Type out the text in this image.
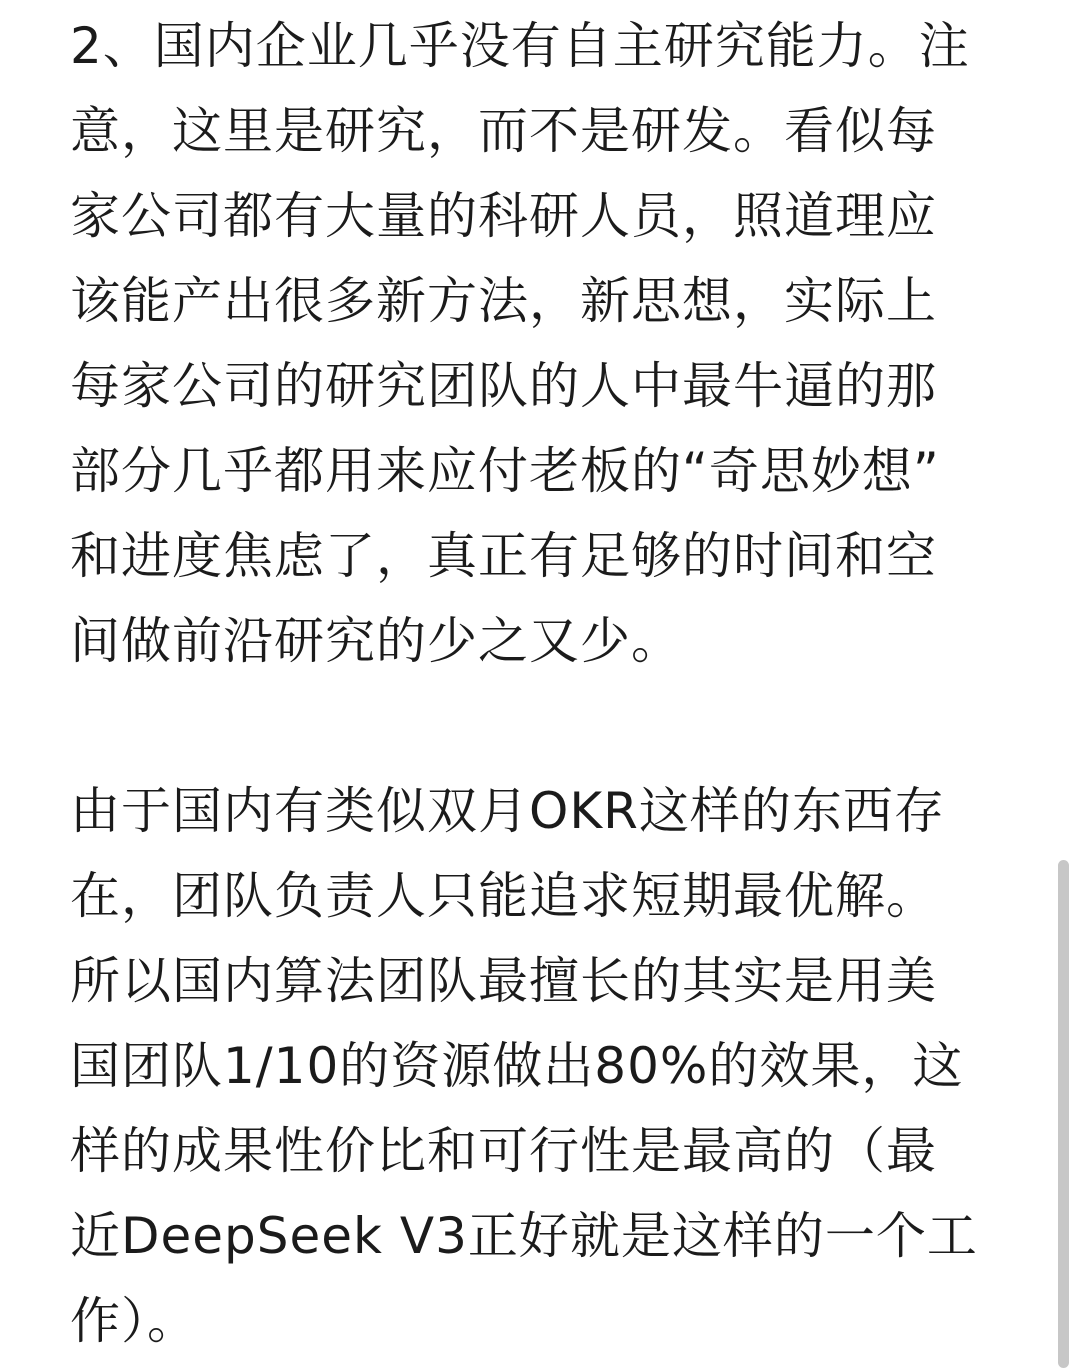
2、国内企业几乎没有自主研究能力。注
意，这里是研究，而不是研发。看似每
家公司都有大量的科研人员，照道理应
该能产出很多新方法，新思想，实际上
每家公司的研究团队的人中最牛逼的那
部分几乎都用来应付老板的“奇思妙想”
和进度焦虑了，真正有足够的时间和空
间做前沿研究的少之又少。
由于国内有类似双月OKR这样的东西存
在，团队负责人只能追求短期最优解。
所以国内算法团队最擅长的其实是用美
国团队1/10的资源做出80%的效果，这
样的成果性价比和可行性是最高的（最
近DeepSeek V3正好就是这样的一个工
作）。
